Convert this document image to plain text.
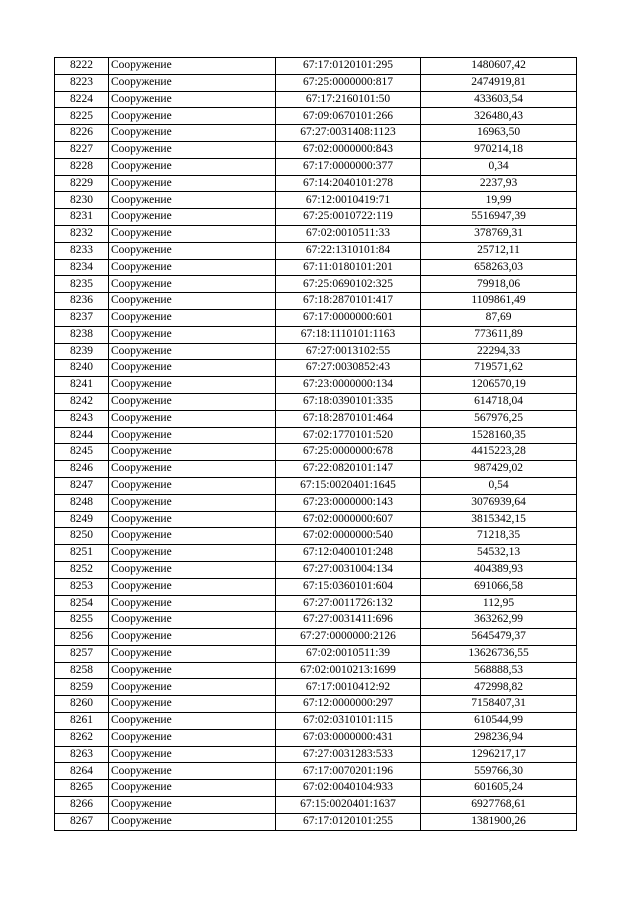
8222	Сооружение	67:17:0120101:295	1480607,42
8223	Сооружение	67:25:0000000:817	2474919,81
8224	Сооружение	67:17:2160101:50	433603,54
8225	Сооружение	67:09:0670101:266	326480,43
8226	Сооружение	67:27:0031408:1123	16963,50
8227	Сооружение	67:02:0000000:843	970214,18
8228	Сооружение	67:17:0000000:377	0,34
8229	Сооружение	67:14:2040101:278	2237,93
8230	Сооружение	67:12:0010419:71	19,99
8231	Сооружение	67:25:0010722:119	5516947,39
8232	Сооружение	67:02:0010511:33	378769,31
8233	Сооружение	67:22:1310101:84	25712,11
8234	Сооружение	67:11:0180101:201	658263,03
8235	Сооружение	67:25:0690102:325	79918,06
8236	Сооружение	67:18:2870101:417	1109861,49
8237	Сооружение	67:17:0000000:601	87,69
8238	Сооружение	67:18:1110101:1163	773611,89
8239	Сооружение	67:27:0013102:55	22294,33
8240	Сооружение	67:27:0030852:43	719571,62
8241	Сооружение	67:23:0000000:134	1206570,19
8242	Сооружение	67:18:0390101:335	614718,04
8243	Сооружение	67:18:2870101:464	567976,25
8244	Сооружение	67:02:1770101:520	1528160,35
8245	Сооружение	67:25:0000000:678	4415223,28
8246	Сооружение	67:22:0820101:147	987429,02
8247	Сооружение	67:15:0020401:1645	0,54
8248	Сооружение	67:23:0000000:143	3076939,64
8249	Сооружение	67:02:0000000:607	3815342,15
8250	Сооружение	67:02:0000000:540	71218,35
8251	Сооружение	67:12:0400101:248	54532,13
8252	Сооружение	67:27:0031004:134	404389,93
8253	Сооружение	67:15:0360101:604	691066,58
8254	Сооружение	67:27:0011726:132	112,95
8255	Сооружение	67:27:0031411:696	363262,99
8256	Сооружение	67:27:0000000:2126	5645479,37
8257	Сооружение	67:02:0010511:39	13626736,55
8258	Сооружение	67:02:0010213:1699	568888,53
8259	Сооружение	67:17:0010412:92	472998,82
8260	Сооружение	67:12:0000000:297	7158407,31
8261	Сооружение	67:02:0310101:115	610544,99
8262	Сооружение	67:03:0000000:431	298236,94
8263	Сооружение	67:27:0031283:533	1296217,17
8264	Сооружение	67:17:0070201:196	559766,30
8265	Сооружение	67:02:0040104:933	601605,24
8266	Сооружение	67:15:0020401:1637	6927768,61
8267	Сооружение	67:17:0120101:255	1381900,26
